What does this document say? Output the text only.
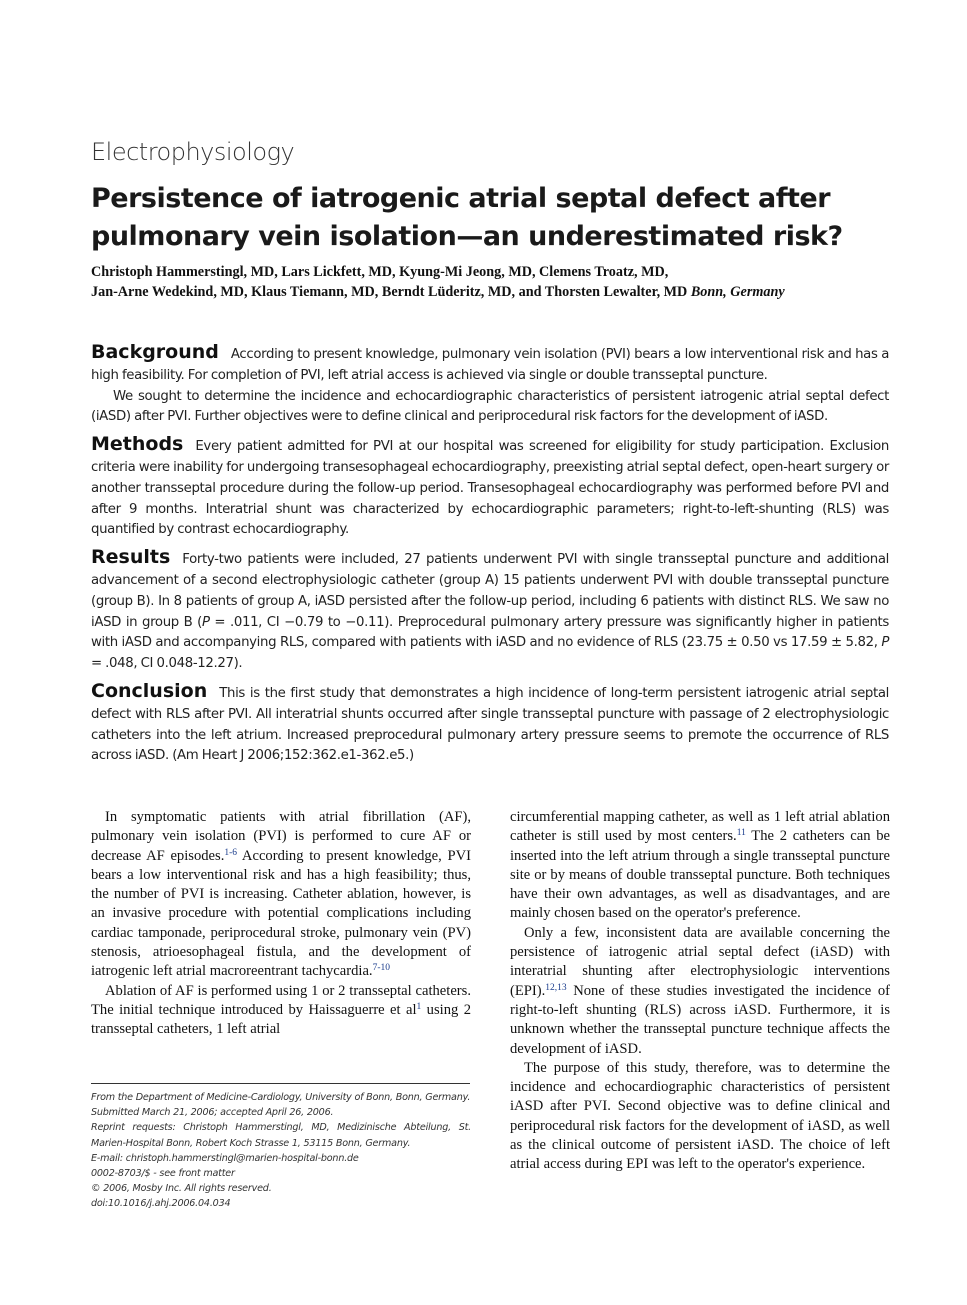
Electrophysiology
Persistence of iatrogenic atrial septal defect after pulmonary vein isolation—an underestimated risk?
Christoph Hammerstingl, MD, Lars Lickfett, MD, Kyung-Mi Jeong, MD, Clemens Troatz, MD,
Jan-Arne Wedekind, MD, Klaus Tiemann, MD, Berndt Lüderitz, MD, and Thorsten Lewalter, MD Bonn, Germany

Background According to present knowledge, pulmonary vein isolation (PVI) bears a low interventional risk and has a high feasibility. For completion of PVI, left atrial access is achieved via single or double transseptal puncture.

We sought to determine the incidence and echocardiographic characteristics of persistent iatrogenic atrial septal defect (iASD) after PVI. Further objectives were to define clinical and periprocedural risk factors for the development of iASD.

Methods Every patient admitted for PVI at our hospital was screened for eligibility for study participation. Exclusion criteria were inability for undergoing transesophageal echocardiography, preexisting atrial septal defect, open-heart surgery or another transseptal procedure during the follow-up period. Transesophageal echocardiography was performed before PVI and after 9 months. Interatrial shunt was characterized by echocardiographic parameters; right-to-left-shunting (RLS) was quantified by contrast echocardiography.

Results Forty-two patients were included, 27 patients underwent PVI with single transseptal puncture and additional advancement of a second electrophysiologic catheter (group A) 15 patients underwent PVI with double transseptal puncture (group B). In 8 patients of group A, iASD persisted after the follow-up period, including 6 patients with distinct RLS. We saw no iASD in group B (P = .011, CI −0.79 to −0.11). Preprocedural pulmonary artery pressure was significantly higher in patients with iASD and accompanying RLS, compared with patients with iASD and no evidence of RLS (23.75 ± 0.50 vs 17.59 ± 5.82, P = .048, CI 0.048-12.27).

Conclusion This is the first study that demonstrates a high incidence of long-term persistent iatrogenic atrial septal defect with RLS after PVI. All interatrial shunts occurred after single transseptal puncture with passage of 2 electrophysiologic catheters into the left atrium. Increased preprocedural pulmonary artery pressure seems to premote the occurrence of RLS across iASD. (Am Heart J 2006;152:362.e1-362.e5.)

In symptomatic patients with atrial fibrillation (AF), pulmonary vein isolation (PVI) is performed to cure AF or decrease AF episodes.$^{1-6}$ According to present knowledge, PVI bears a low interventional risk and has a high feasibility; thus, the number of PVI is increasing. Catheter ablation, however, is an invasive procedure with potential complications including cardiac tamponade, periprocedural stroke, pulmonary vein (PV) stenosis, atrioesophageal fistula, and the development of iatrogenic left atrial macroreentrant tachycardia.$^{7-10}$

Ablation of AF is performed using 1 or 2 transseptal catheters. The initial technique introduced by Haissaguerre et al$^1$ using 2 transseptal catheters, 1 left atrial

circumferential mapping catheter, as well as 1 left atrial ablation catheter is still used by most centers.$^{11}$ The 2 catheters can be inserted into the left atrium through a single transseptal puncture site or by means of double transseptal puncture. Both techniques have their own advantages, as well as disadvantages, and are mainly chosen based on the operator's preference.

Only a few, inconsistent data are available concerning the persistence of iatrogenic atrial septal defect (iASD) with interatrial shunting after electrophysiologic interventions (EPI).$^{12,13}$ None of these studies investigated the incidence of right-to-left shunting (RLS) across iASD. Furthermore, it is unknown whether the transseptal puncture technique affects the development of iASD.

The purpose of this study, therefore, was to determine the incidence and echocardiographic characteristics of persistent iASD after PVI. Second objective was to define clinical and periprocedural risk factors for the development of iASD, as well as the clinical outcome of persistent iASD. The choice of left atrial access during EPI was left to the operator's experience.

From the Department of Medicine-Cardiology, University of Bonn, Bonn, Germany.
Submitted March 21, 2006; accepted April 26, 2006.
Reprint requests: Christoph Hammerstingl, MD, Medizinische Abteilung, St. Marien-Hospital Bonn, Robert Koch Strasse 1, 53115 Bonn, Germany.
E-mail: christoph.hammerstingl@marien-hospital-bonn.de
0002-8703/$ - see front matter
© 2006, Mosby Inc. All rights reserved.
doi:10.1016/j.ahj.2006.04.034
